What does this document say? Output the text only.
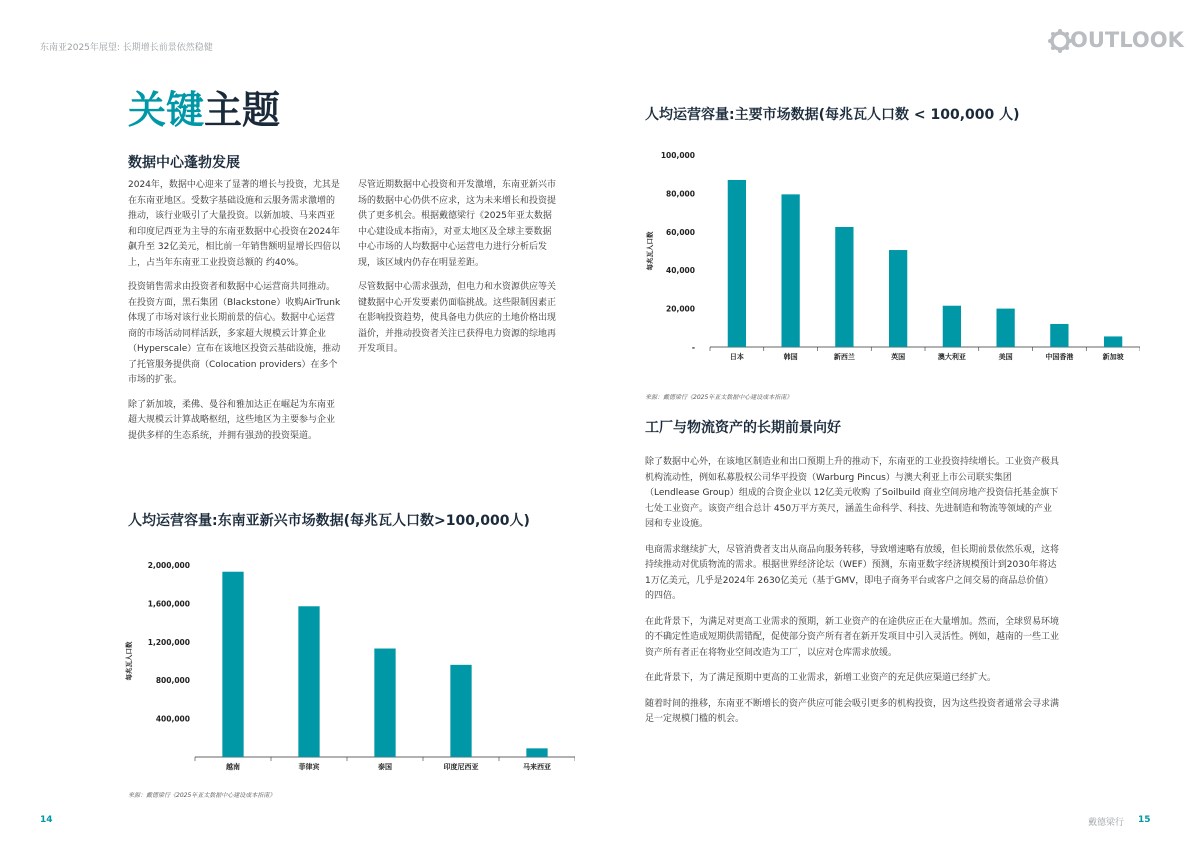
东南亚2025年展望: 长期增长前景依然稳健	OUTLOOK
关键主题
数据中心蓬勃发展

2024年，数据中心迎来了显著的增长与投资，尤其是在东南亚地区。受数字基础设施和云服务需求激增的推动，该行业吸引了大量投资。以新加坡、马来西亚和印度尼西亚为主导的东南亚数据中心投资在2024年飙升至 32亿美元，相比前一年销售额明显增长四倍以上，占当年东南亚工业投资总额的 约40%。

投资销售需求由投资者和数据中心运营商共同推动。在投资方面，黑石集团（Blackstone）收购AirTrunk体现了市场对该行业长期前景的信心。数据中心运营商的市场活动同样活跃，多家超大规模云计算企业（Hyperscale）宣布在该地区投资云基础设施，推动了托管服务提供商（Colocation providers）在多个市场的扩张。

除了新加坡，柔佛、曼谷和雅加达正在崛起为东南亚超大规模云计算战略枢纽，这些地区为主要参与企业提供多样的生态系统，并拥有强劲的投资渠道。

尽管近期数据中心投资和开发激增，东南亚新兴市场的数据中心仍供不应求，这为未来增长和投资提供了更多机会。根据戴德梁行《2025年亚太数据中心建设成本指南》，对亚太地区及全球主要数据中心市场的人均数据中心运营电力进行分析后发现，该区域内仍存在明显差距。

尽管数据中心需求强劲，但电力和水资源供应等关键数据中心开发要素仍面临挑战。这些限制因素正在影响投资趋势，使具备电力供应的土地价格出现溢价，并推动投资者关注已获得电力资源的综地再开发项目。

人均运营容量:主要市场数据(每兆瓦人口数 < 100,000 人)
每兆瓦人口数
-
20,000
40,000
60,000
80,000
100,000
日本	韩国	新西兰	英国	澳大利亚	美国	中国香港	新加坡
来源：戴德梁行《2025年亚太数据中心建设成本指南》
工厂与物流资产的长期前景向好

除了数据中心外，在该地区制造业和出口预期上升的推动下，东南亚的工业投资持续增长。工业资产极具机构流动性，例如私募股权公司华平投资（Warburg Pincus）与澳大利亚上市公司联实集团（Lendlease Group）组成的合资企业以 12亿美元收购 了Soilbuild 商业空间房地产投资信托基金旗下七处工业资产。该资产组合总计 450万平方英尺，涵盖生命科学、科技、先进制造和物流等领域的产业园和专业设施。

电商需求继续扩大，尽管消费者支出从商品向服务转移，导致增速略有放缓，但长期前景依然乐观，这将持续推动对优质物流的需求。根据世界经济论坛（WEF）预测，东南亚数字经济规模预计到2030年将达1万亿美元，几乎是2024年 2630亿美元（基于GMV，即电子商务平台或客户之间交易的商品总价值）的四倍。

在此背景下，为满足对更高工业需求的预期，新工业资产的在途供应正在大量增加。然而，全球贸易环境的不确定性造成短期供需错配，促使部分资产所有者在新开发项目中引入灵活性。例如，越南的一些工业资产所有者正在将物业空间改造为工厂，以应对仓库需求放缓。

在此背景下，为了满足预期中更高的工业需求，新增工业资产的充足供应渠道已经扩大。

随着时间的推移，东南亚不断增长的资产供应可能会吸引更多的机构投资，因为这些投资者通常会寻求满足一定规模门槛的机会。

人均运营容量:东南亚新兴市场数据(每兆瓦人口数>100,000人)
每兆瓦人口数
400,000
800,000
1,200,000
1,600,000
2,000,000
越南	菲律宾	泰国	印度尼西亚	马来西亚
来源：戴德梁行《2025年亚太数据中心建设成本指南》
14	戴德梁行 15
